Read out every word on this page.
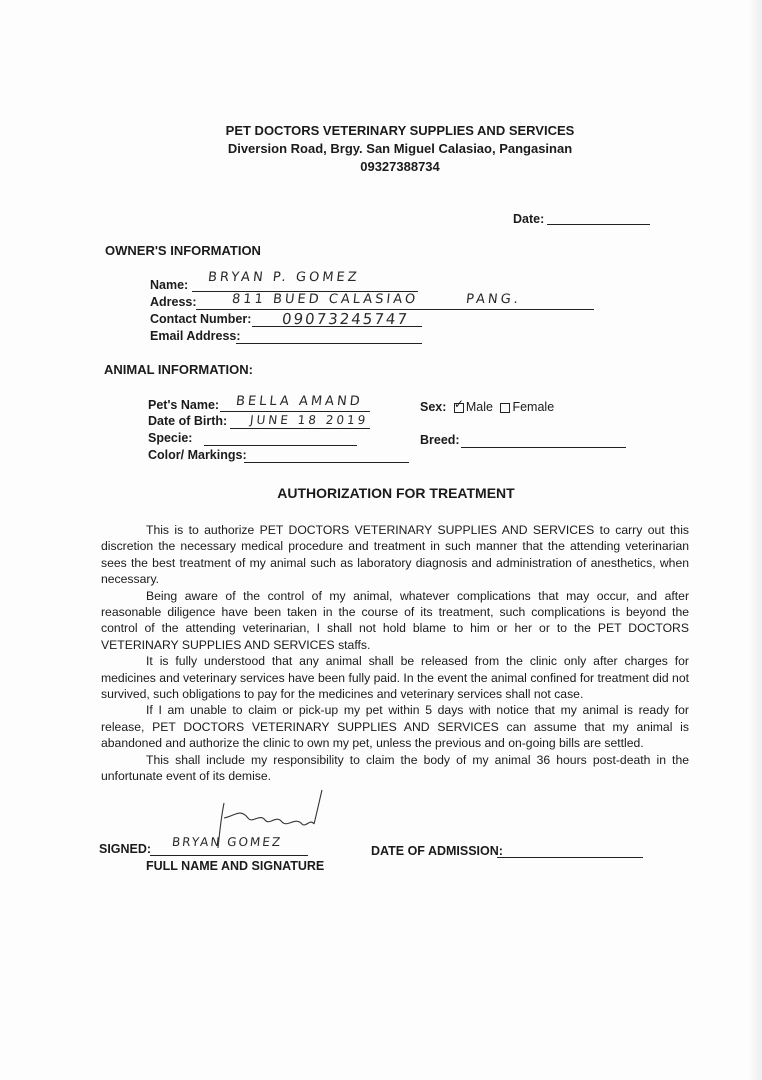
PET DOCTORS VETERINARY SUPPLIES AND SERVICES
Diversion Road, Brgy. San Miguel Calasiao, Pangasinan
09327388734
Date:
OWNER'S INFORMATION
Name: BRYAN P. GOMEZ
Adress:	811 BUED CALASIAO	PANG.
Contact Number: 09073245747
Email Address:
ANIMAL INFORMATION:
Pet's Name: BELLA AMAND
Date of Birth: JUNE 18 2019
Specie:
Color/ Markings:
Sex: ✓ Male Female
Breed:
AUTHORIZATION FOR TREATMENT

This is to authorize PET DOCTORS VETERINARY SUPPLIES AND SERVICES to carry out this discretion the necessary medical procedure and treatment in such manner that the attending veterinarian sees the best treatment of my animal such as laboratory diagnosis and administration of anesthetics, when necessary.

Being aware of the control of my animal, whatever complications that may occur, and after reasonable diligence have been taken in the course of its treatment, such complications is beyond the control of the attending veterinarian, I shall not hold blame to him or her or to the PET DOCTORS VETERINARY SUPPLIES AND SERVICES staffs.

It is fully understood that any animal shall be released from the clinic only after charges for medicines and veterinary services have been fully paid. In the event the animal confined for treatment did not survived, such obligations to pay for the medicines and veterinary services shall not case.

If I am unable to claim or pick-up my pet within 5 days with notice that my animal is ready for release, PET DOCTORS VETERINARY SUPPLIES AND SERVICES can assume that my animal is abandoned and authorize the clinic to own my pet, unless the previous and on-going bills are settled.

This shall include my responsibility to claim the body of my animal 36 hours post-death in the unfortunate event of its demise.

SIGNED: BRYAN GOMEZ
FULL NAME AND SIGNATURE
DATE OF ADMISSION:
